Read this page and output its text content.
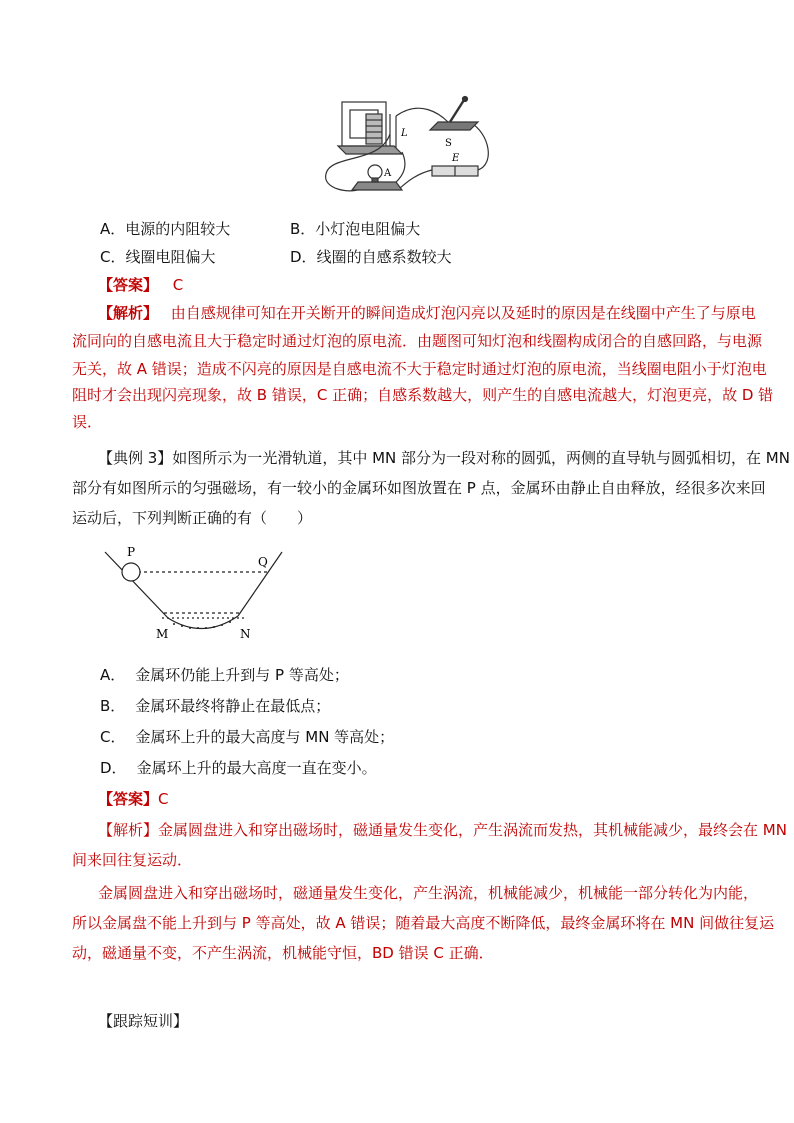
L
S
E
A
A．电源的内阻较大	B．小灯泡电阻偏大
C．线圈电阻偏大	D．线圈的自感系数较大
【答案】 C
【解析】 由自感规律可知在开关断开的瞬间造成灯泡闪亮以及延时的原因是在线圈中产生了与原电
流同向的自感电流且大于稳定时通过灯泡的原电流．由题图可知灯泡和线圈构成闭合的自感回路，与电源
无关，故 A 错误；造成不闪亮的原因是自感电流不大于稳定时通过灯泡的原电流，当线圈电阻小于灯泡电
阻时才会出现闪亮现象，故 B 错误，C 正确；自感系数越大，则产生的自感电流越大，灯泡更亮，故 D 错
误．
【典例 3】如图所示为一光滑轨道，其中 MN 部分为一段对称的圆弧，两侧的直导轨与圆弧相切，在 MN
部分有如图所示的匀强磁场，有一较小的金属环如图放置在 P 点，金属环由静止自由释放，经很多次来回
运动后，下列判断正确的有（　　）
P
Q
M	N
A． 金属环仍能上升到与 P 等高处；
B． 金属环最终将静止在最低点；
C． 金属环上升的最大高度与 MN 等高处；
D． 金属环上升的最大高度一直在变小。
【答案】C
【解析】金属圆盘进入和穿出磁场时，磁通量发生变化，产生涡流而发热，其机械能减少，最终会在 MN
间来回往复运动．
金属圆盘进入和穿出磁场时，磁通量发生变化，产生涡流，机械能减少，机械能一部分转化为内能，
所以金属盘不能上升到与 P 等高处，故 A 错误；随着最大高度不断降低，最终金属环将在 MN 间做往复运
动，磁通量不变，不产生涡流，机械能守恒，BD 错误 C 正确．
【跟踪短训】
